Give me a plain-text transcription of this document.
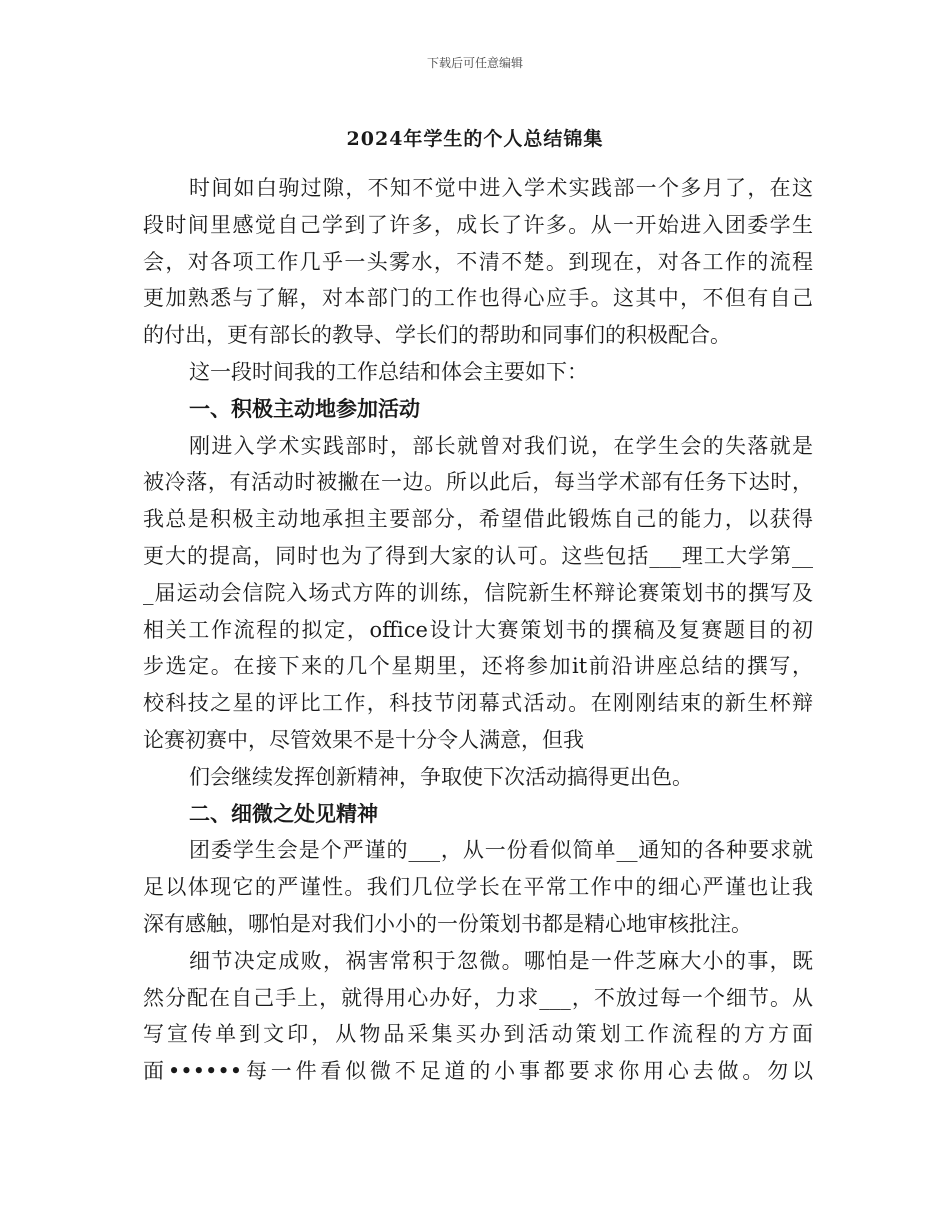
下载后可任意编辑
2024年学生的个人总结锦集
时间如白驹过隙，不知不觉中进入学术实践部一个多月了，在这
段时间里感觉自己学到了许多，成长了许多。从一开始进入团委学生
会，对各项工作几乎一头雾水，不清不楚。到现在，对各工作的流程
更加熟悉与了解，对本部门的工作也得心应手。这其中，不但有自己
的付出，更有部长的教导、学长们的帮助和同事们的积极配合。
这一段时间我的工作总结和体会主要如下：
一、积极主动地参加活动
刚进入学术实践部时，部长就曾对我们说，在学生会的失落就是
被冷落，有活动时被撇在一边。所以此后，每当学术部有任务下达时，
我总是积极主动地承担主要部分，希望借此锻炼自己的能力，以获得
更大的提高，同时也为了得到大家的认可。这些包括___理工大学第__
_届运动会信院入场式方阵的训练，信院新生杯辩论赛策划书的撰写及
相关工作流程的拟定，office设计大赛策划书的撰稿及复赛题目的初
步选定。在接下来的几个星期里，还将参加it前沿讲座总结的撰写，
校科技之星的评比工作，科技节闭幕式活动。在刚刚结束的新生杯辩
论赛初赛中，尽管效果不是十分令人满意，但我
们会继续发挥创新精神，争取使下次活动搞得更出色。
二、细微之处见精神
团委学生会是个严谨的___，从一份看似简单__通知的各种要求就
足以体现它的严谨性。我们几位学长在平常工作中的细心严谨也让我
深有感触，哪怕是对我们小小的一份策划书都是精心地审核批注。
细节决定成败，祸害常积于忽微。哪怕是一件芝麻大小的事，既
然分配在自己手上，就得用心办好，力求___，不放过每一个细节。从
写宣传单到文印，从物品采集买办到活动策划工作流程的方方面
面••••••每一件看似微不足道的小事都要求你用心去做。勿以
